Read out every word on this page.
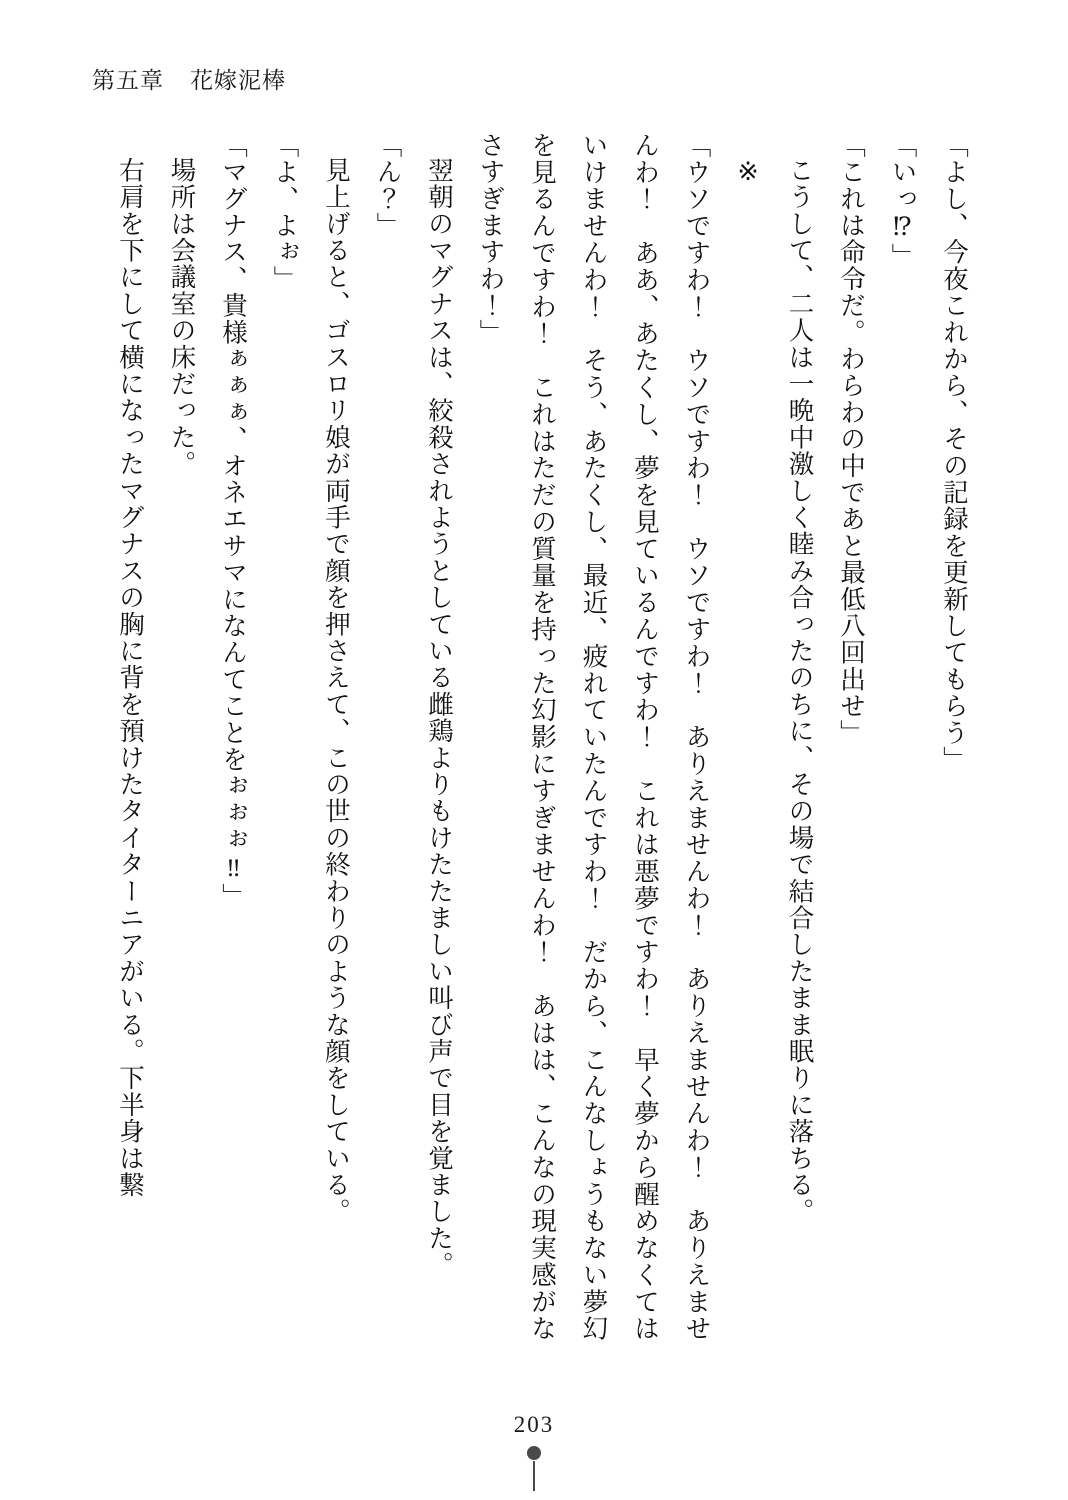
第五章 花嫁泥棒

「よし、今夜これから、その記録を更新してもらう」

「いっ⁉」

「これは命令だ。わらわの中であと最低八回出せ」

こうして、二人は一晩中激しく睦み合ったのちに、その場で結合したまま眠りに落ちる。

※

「ウソですわ！　ウソですわ！　ウソですわ！　ありえませんわ！　ありえませんわ！　ありえませんわ！　ああ、あたくし、夢を見ているんですわ！　これは悪夢ですわ！　早く夢から醒めなくてはいけませんわ！　そう、あたくし、最近、疲れていたんですわ！　だから、こんなしょうもない夢幻を見るんですわ！　これはただの質量を持った幻影にすぎませんわ！　あはは、こんなの現実感がなさすぎますわ！」

翌朝のマグナスは、絞殺されようとしている雌鶏よりもけたたましい叫び声で目を覚ました。

「ん？」

見上げると、ゴスロリ娘が両手で顔を押さえて、この世の終わりのような顔をしている。

「よ、よぉ」

「マグナス、貴様ぁぁぁ、オネエサマになんてことをぉぉぉ‼︎」

場所は会議室の床だった。

右肩を下にして横になったマグナスの胸に背を預けたタイターニアがいる。下半身は繋

203
